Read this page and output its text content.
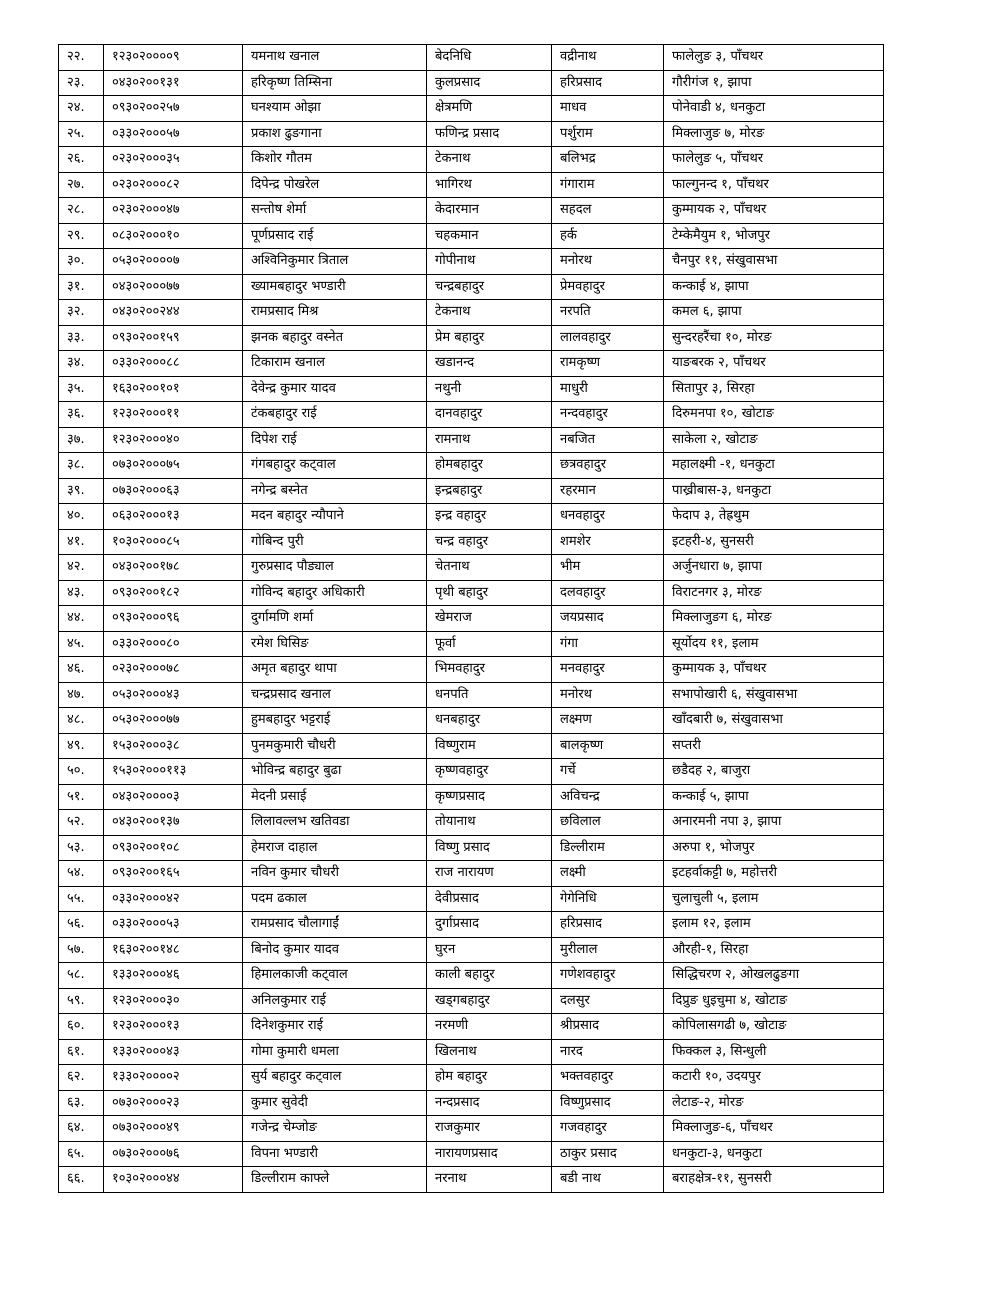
२२.	१२३०२००००९	यमनाथ खनाल	बेदनिधि	वद्रीनाथ	फालेलुङ ३, पाँचथर
२३.	०४३०२००१३१	हरिकृष्ण तिम्सिना	कुलप्रसाद	हरिप्रसाद	गौरीगंज १, झापा
२४.	०९३०२००२५७	घनश्याम ओझा	क्षेत्रमणि	माधव	पोनेवाडी ४, धनकुटा
२५.	०३३०२०००५७	प्रकाश ढुङगाना	फणिन्द्र प्रसाद	पर्शुराम	मिक्लाजुङ ७, मोरङ
२६.	०२३०२०००३५	किशोर गौतम	टेकनाथ	बलिभद्र	फालेलुङ ५, पाँचथर
२७.	०२३०२०००८२	दिपेन्द्र पोखरेल	भागिरथ	गंगाराम	फाल्गुनन्द १, पाँचथर
२८.	०२३०२०००४७	सन्तोष शेर्मा	केदारमान	सहदल	कुम्मायक २, पाँचथर
२९.	०८३०२०००१०	पूर्णप्रसाद राई	चहकमान	हर्क	टेम्केमैयुम १, भोजपुर
३०.	०५३०२००००७	अश्विनिकुमार त्रिताल	गोपीनाथ	मनोरथ	चैनपुर ११, संखुवासभा
३१.	०४३०२०००७७	ख्यामबहादुर भण्डारी	चन्द्रबहादुर	प्रेमवहादुर	कन्काई ४, झापा
३२.	०४३०२००२४४	रामप्रसाद मिश्र	टेकनाथ	नरपति	कमल ६, झापा
३३.	०९३०२००१५९	झनक बहादुर वस्नेत	प्रेम बहादुर	लालवहादुर	सुन्दरहरैंचा १०, मोरङ
३४.	०३३०२०००८८	टिकाराम खनाल	खडानन्द	रामकृष्ण	याङबरक २, पाँचथर
३५.	१६३०२००१०१	देवेन्द्र कुमार यादव	नथुनी	माधुरी	सितापुर ३, सिरहा
३६.	१२३०२०००११	टंकबहादुर राई	दानवहादुर	नन्दवहादुर	दिरुमनपा १०, खोटाङ
३७.	१२३०२०००४०	दिपेश राई	रामनाथ	नबजित	साकेला २, खोटाङ
३८.	०७३०२०००७५	गंगबहादुर कट्वाल	होमबहादुर	छत्रवहादुर	महालक्ष्मी -१, धनकुटा
३९.	०७३०२०००६३	नगेन्द्र बस्नेत	इन्द्रबहादुर	रहरमान	पाख्रीबास-३, धनकुटा
४०.	०६३०२०००१३	मदन बहादुर न्यौपाने	इन्द्र वहादुर	धनवहादुर	फेदाप ३, तेह्रथुम
४१.	१०३०२०००८५	गोबिन्द पुरी	चन्द्र वहादुर	शमशेर	इटहरी-४, सुनसरी
४२.	०४३०२००१७८	गुरुप्रसाद पौड्याल	चेतनाथ	भीम	अर्जुनधारा ७, झापा
४३.	०९३०२००१८२	गोविन्द बहादुर अधिकारी	पृथी बहादुर	दलवहादुर	विराटनगर ३, मोरङ
४४.	०९३०२०००९६	दुर्गामणि शर्मा	खेमराज	जयप्रसाद	मिक्लाजुङग ६, मोरङ
४५.	०३३०२०००८०	रमेश घिसिङ	फूर्वा	गंगा	सूर्योदय ११, इलाम
४६.	०२३०२०००७८	अमृत बहादुर थापा	भिमवहादुर	मनवहादुर	कुम्मायक ३, पाँचथर
४७.	०५३०२०००४३	चन्द्रप्रसाद खनाल	धनपति	मनोरथ	सभापोखारी ६, संखुवासभा
४८.	०५३०२०००७७	हुमबहादुर भट्टराई	धनबहादुर	लक्ष्मण	खाँदबारी ७, संखुवासभा
४९.	१५३०२०००३८	पुनमकुमारी चौधरी	विष्णुराम	बालकृष्ण	सप्तरी
५०.	१५३०२०००११३	भोविन्द्र बहादुर बुढा	कृष्णवहादुर	गर्चे	छडैदह २, बाजुरा
५१.	०४३०२००००३	मेदनी प्रसाई	कृष्णप्रसाद	अविचन्द्र	कन्काई ५, झापा
५२.	०४३०२००१३७	लिलावल्लभ खतिवडा	तोयानाथ	छविलाल	अनारमनी नपा ३, झापा
५३.	०९३०२००१०८	हेमराज दाहाल	विष्णु प्रसाद	डिल्लीराम	अरुपा १, भोजपुर
५४.	०९३०२००१६५	नविन कुमार चौधरी	राज नारायण	लक्ष्मी	इटहर्वाकट्टी ७, महोत्तरी
५५.	०३३०२०००४२	पदम ढकाल	देवीप्रसाद	गेगेनिधि	चुलाचुली ५, इलाम
५६.	०३३०२०००५३	रामप्रसाद चौलागाईं	दुर्गाप्रसाद	हरिप्रसाद	इलाम १२, इलाम
५७.	१६३०२००१४८	बिनोद कुमार यादव	घुरन	मुरीलाल	औरही-१, सिरहा
५८.	१३३०२०००४६	हिमालकाजी कट्वाल	काली बहादुर	गणेशवहादुर	सिद्धिचरण २, ओखलढुङगा
५९.	१२३०२०००३०	अनिलकुमार राई	खड्गबहादुर	दलसुर	दिप्रुङ धुइचुमा ४, खोटाङ
६०.	१२३०२०००१३	दिनेशकुमार राई	नरमणी	श्रीप्रसाद	कोपिलासगढी ७, खोटाङ
६१.	१३३०२०००४३	गोमा कुमारी धमला	खिलनाथ	नारद	फिक्कल ३, सिन्धुली
६२.	१३३०२००००२	सुर्य बहादुर कट्वाल	होम बहादुर	भक्तवहादुर	कटारी १०, उदयपुर
६३.	०७३०२०००२३	कुमार सुवेदी	नन्दप्रसाद	विष्णुप्रसाद	लेटाङ-२, मोरङ
६४.	०७३०२०००४९	गजेन्द्र चेम्जोङ	राजकुमार	गजवहादुर	मिक्लाजुङ-६, पाँचथर
६५.	०७३०२०००७६	विपना भण्डारी	नारायणप्रसाद	ठाकुर प्रसाद	धनकुटा-३, धनकुटा
६६.	१०३०२०००४४	डिल्लीराम काफ्ले	नरनाथ	बडी नाथ	बराहक्षेत्र-११, सुनसरी
